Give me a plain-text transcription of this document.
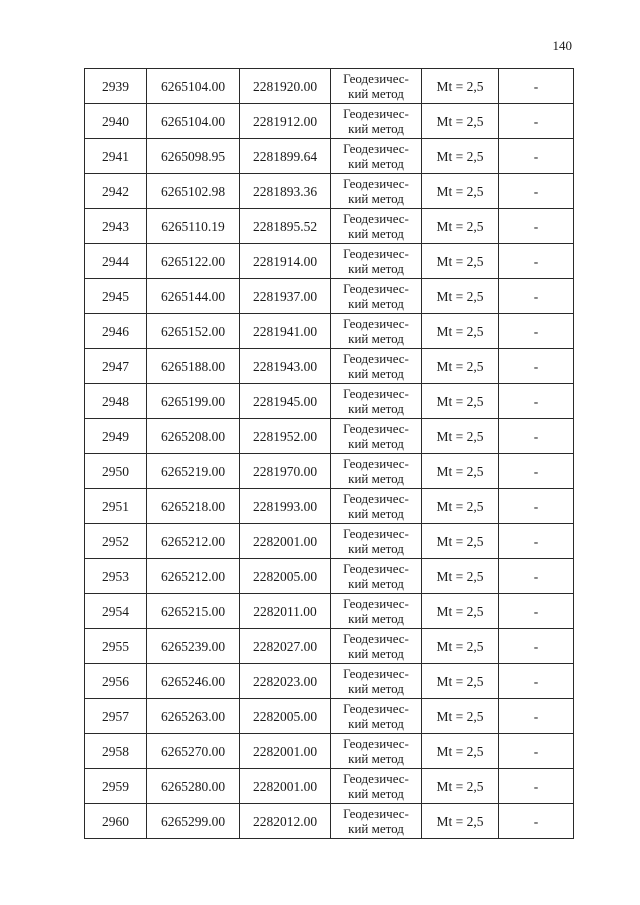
140
2939	6265104.00	2281920.00	Геодезичес-
кий метод	Mt = 2,5	-
2940	6265104.00	2281912.00	Геодезичес-
кий метод	Mt = 2,5	-
2941	6265098.95	2281899.64	Геодезичес-
кий метод	Mt = 2,5	-
2942	6265102.98	2281893.36	Геодезичес-
кий метод	Mt = 2,5	-
2943	6265110.19	2281895.52	Геодезичес-
кий метод	Mt = 2,5	-
2944	6265122.00	2281914.00	Геодезичес-
кий метод	Mt = 2,5	-
2945	6265144.00	2281937.00	Геодезичес-
кий метод	Mt = 2,5	-
2946	6265152.00	2281941.00	Геодезичес-
кий метод	Mt = 2,5	-
2947	6265188.00	2281943.00	Геодезичес-
кий метод	Mt = 2,5	-
2948	6265199.00	2281945.00	Геодезичес-
кий метод	Mt = 2,5	-
2949	6265208.00	2281952.00	Геодезичес-
кий метод	Mt = 2,5	-
2950	6265219.00	2281970.00	Геодезичес-
кий метод	Mt = 2,5	-
2951	6265218.00	2281993.00	Геодезичес-
кий метод	Mt = 2,5	-
2952	6265212.00	2282001.00	Геодезичес-
кий метод	Mt = 2,5	-
2953	6265212.00	2282005.00	Геодезичес-
кий метод	Mt = 2,5	-
2954	6265215.00	2282011.00	Геодезичес-
кий метод	Mt = 2,5	-
2955	6265239.00	2282027.00	Геодезичес-
кий метод	Mt = 2,5	-
2956	6265246.00	2282023.00	Геодезичес-
кий метод	Mt = 2,5	-
2957	6265263.00	2282005.00	Геодезичес-
кий метод	Mt = 2,5	-
2958	6265270.00	2282001.00	Геодезичес-
кий метод	Mt = 2,5	-
2959	6265280.00	2282001.00	Геодезичес-
кий метод	Mt = 2,5	-
2960	6265299.00	2282012.00	Геодезичес-
кий метод	Mt = 2,5	-
